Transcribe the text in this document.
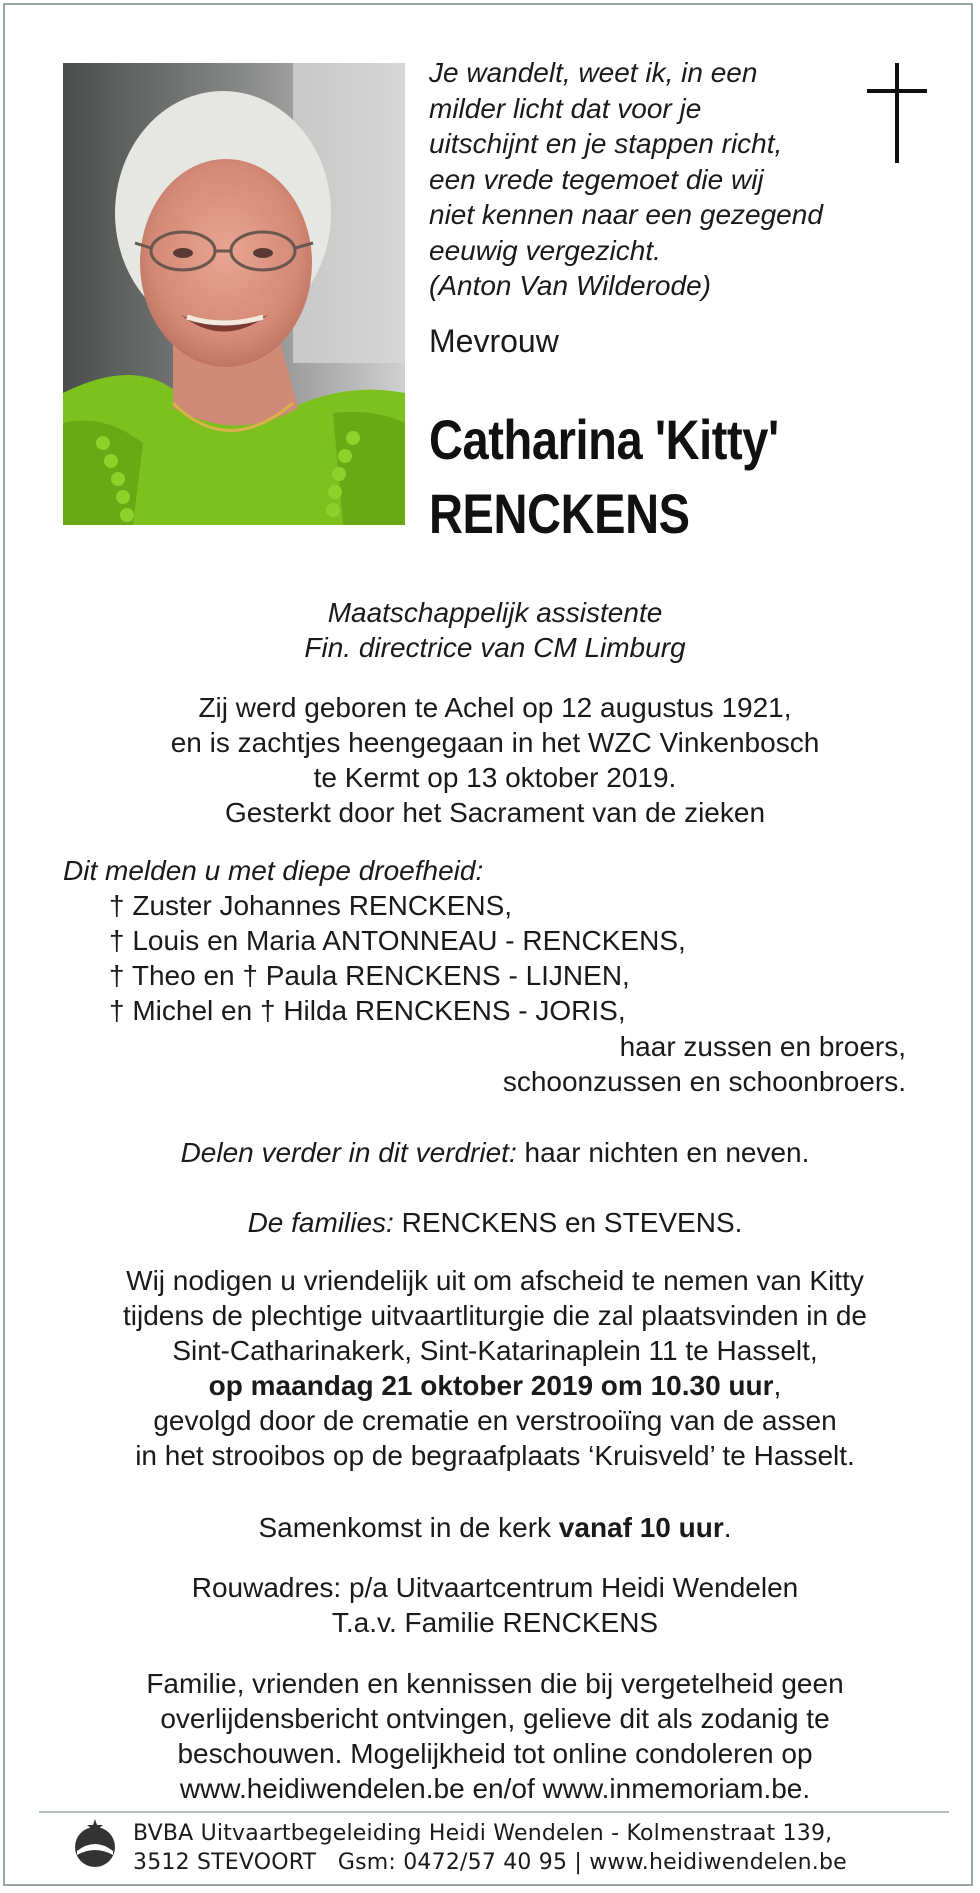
Je wandelt, weet ik, in een
milder licht dat voor je
uitschijnt en je stappen richt,
een vrede tegemoet die wij
niet kennen naar een gezegend
eeuwig vergezicht.
(Anton Van Wilderode)
Mevrouw
Catharina 'Kitty'
RENCKENS
Maatschappelijk assistente
Fin. directrice van CM Limburg
Zij werd geboren te Achel op 12 augustus 1921,
en is zachtjes heengegaan in het WZC Vinkenbosch
te Kermt op 13 oktober 2019.
Gesterkt door het Sacrament van de zieken
Dit melden u met diepe droefheid:
† Zuster Johannes RENCKENS,
† Louis en Maria ANTONNEAU - RENCKENS,
† Theo en † Paula RENCKENS - LIJNEN,
† Michel en † Hilda RENCKENS - JORIS,
haar zussen en broers,
schoonzussen en schoonbroers.
Delen verder in dit verdriet: haar nichten en neven.
De families: RENCKENS en STEVENS.
Wij nodigen u vriendelijk uit om afscheid te nemen van Kitty
tijdens de plechtige uitvaartliturgie die zal plaatsvinden in de
Sint-Catharinakerk, Sint-Katarinaplein 11 te Hasselt,
op maandag 21 oktober 2019 om 10.30 uur,
gevolgd door de crematie en verstrooiïng van de assen
in het strooibos op de begraafplaats ‘Kruisveld’ te Hasselt.
Samenkomst in de kerk vanaf 10 uur.
Rouwadres: p/a Uitvaartcentrum Heidi Wendelen
T.a.v. Familie RENCKENS
Familie, vrienden en kennissen die bij vergetelheid geen
overlijdensbericht ontvingen, gelieve dit als zodanig te
beschouwen. Mogelijkheid tot online condoleren op
www.heidiwendelen.be en/of www.inmemoriam.be.
BVBA Uitvaartbegeleiding Heidi Wendelen - Kolmenstraat 139,
3512 STEVOORT   Gsm: 0472/57 40 95 | www.heidiwendelen.be
